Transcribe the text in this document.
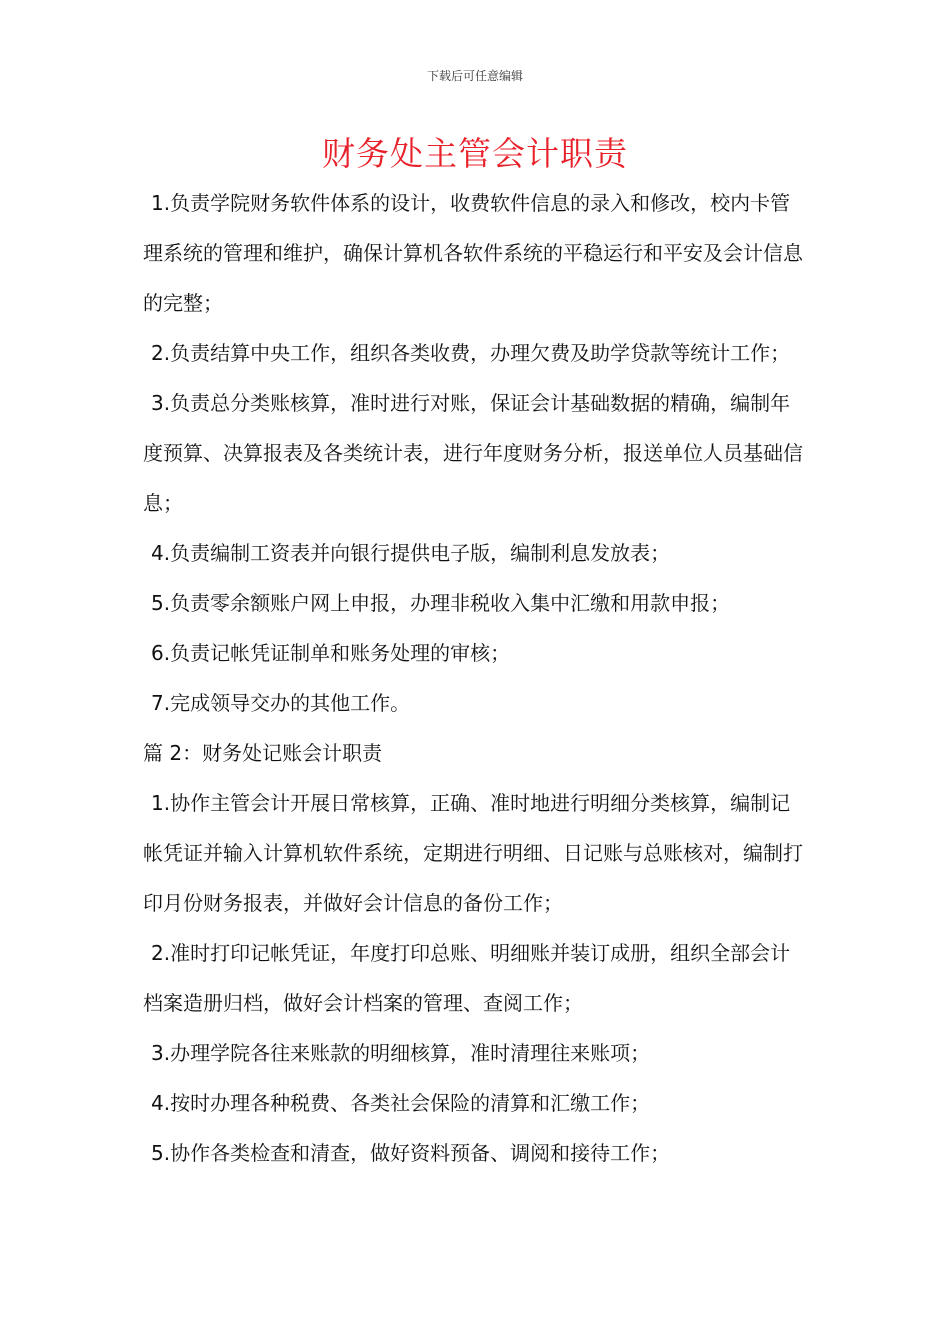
下载后可任意编辑
财务处主管会计职责

1.负责学院财务软件体系的设计，收费软件信息的录入和修改，校内卡管理系统的管理和维护，确保计算机各软件系统的平稳运行和平安及会计信息的完整；

2.负责结算中央工作，组织各类收费，办理欠费及助学贷款等统计工作；

3.负责总分类账核算，准时进行对账，保证会计基础数据的精确，编制年度预算、决算报表及各类统计表，进行年度财务分析，报送单位人员基础信息；

4.负责编制工资表并向银行提供电子版，编制利息发放表；

5.负责零余额账户网上申报，办理非税收入集中汇缴和用款申报；

6.负责记帐凭证制单和账务处理的审核；

7.完成领导交办的其他工作。

篇 2：财务处记账会计职责

1.协作主管会计开展日常核算，正确、准时地进行明细分类核算，编制记帐凭证并输入计算机软件系统，定期进行明细、日记账与总账核对，编制打印月份财务报表，并做好会计信息的备份工作；

2.准时打印记帐凭证，年度打印总账、明细账并装订成册，组织全部会计档案造册归档，做好会计档案的管理、查阅工作；

3.办理学院各往来账款的明细核算，准时清理往来账项；

4.按时办理各种税费、各类社会保险的清算和汇缴工作；

5.协作各类检查和清查，做好资料预备、调阅和接待工作；
